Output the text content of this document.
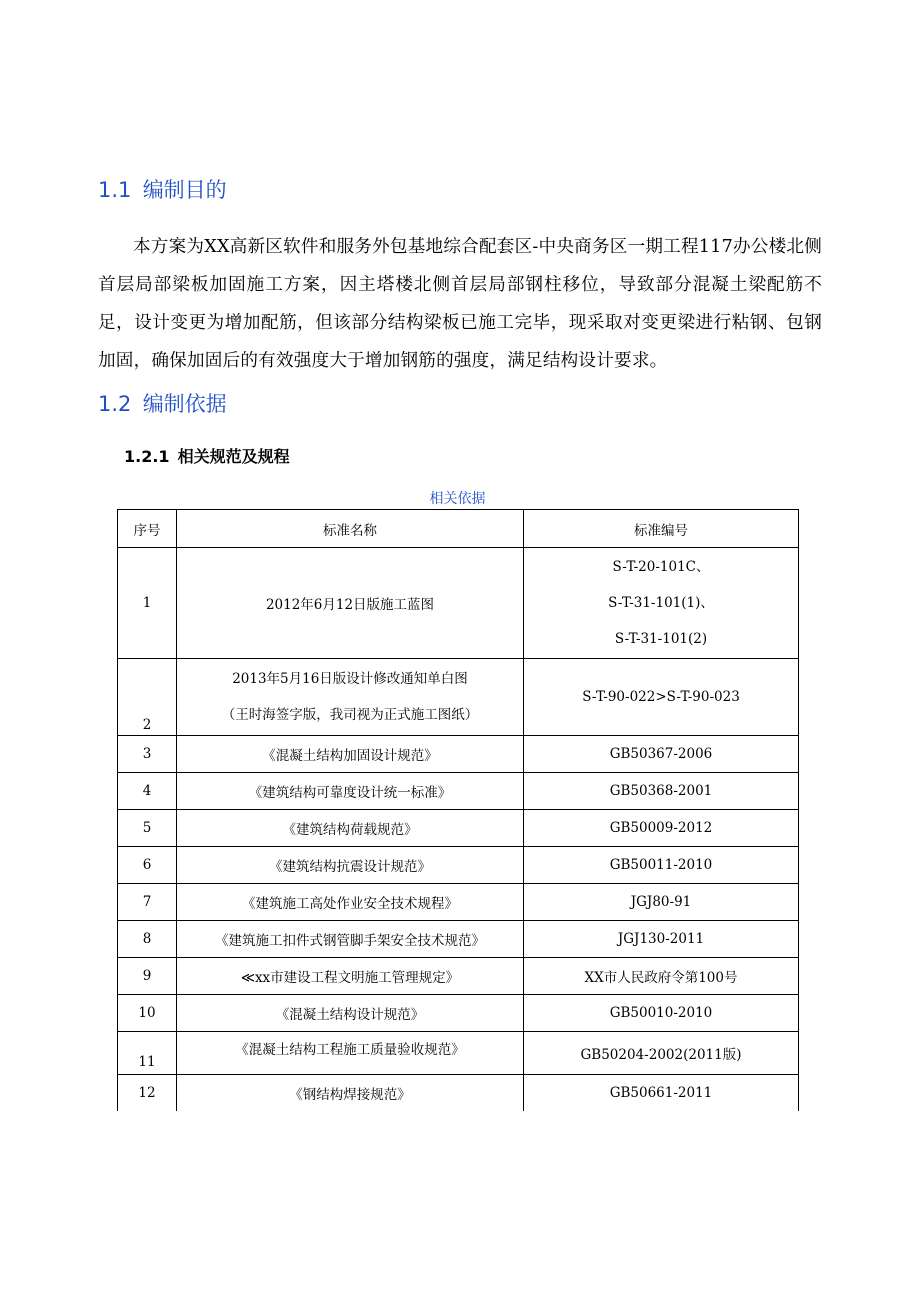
1.1 编制目的

本方案为XX高新区软件和服务外包基地综合配套区-中央商务区一期工程117办公楼北侧首层局部梁板加固施工方案，因主塔楼北侧首层局部钢柱移位，导致部分混凝土梁配筋不足，设计变更为增加配筋，但该部分结构梁板已施工完毕，现采取对变更梁进行粘钢、包钢加固，确保加固后的有效强度大于增加钢筋的强度，满足结构设计要求。

1.2 编制依据
1.2.1 相关规范及规程
相关依据
序号	标准名称	标准编号
1	2012年6月12日版施工蓝图	S-T-20-101C、
S-T-31-101(1)、
S-T-31-101(2)

2	2013年5月16日版设计修改通知单白图
（王时海签字版，我司视为正式施工图纸）	S-T-90-022>S-T-90-023
3	《混凝土结构加固设计规范》	GB50367-2006
4	《建筑结构可靠度设计统一标准》	GB50368-2001
5	《建筑结构荷载规范》	GB50009-2012
6	《建筑结构抗震设计规范》	GB50011-2010
7	《建筑施工高处作业安全技术规程》	JGJ80-91
8	《建筑施工扣件式钢管脚手架安全技术规范》	JGJ130-2011
9	≪xx市建设工程文明施工管理规定》	XX市人民政府令第100号
10	《混凝土结构设计规范》	GB50010-2010
11	《混凝土结构工程施工质量验收规范》	GB50204-2002(2011版)
12	《钢结构焊接规范》	GB50661-2011
